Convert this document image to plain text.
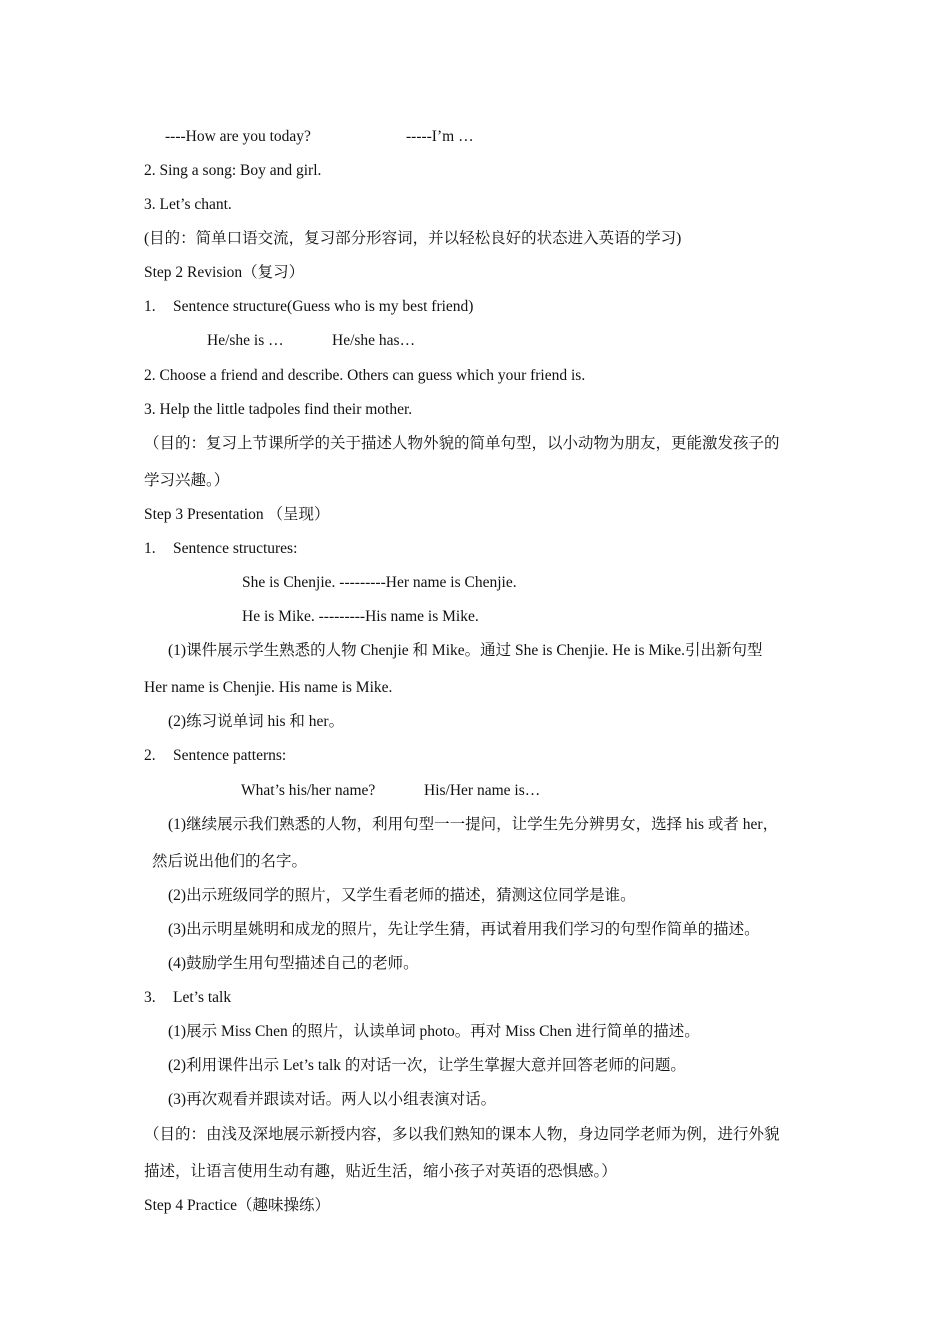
----How are you today?	-----I’m …
2. Sing a song: Boy and girl.
3. Let’s chant.
(目的：简单口语交流，复习部分形容词，并以轻松良好的状态进入英语的学习)
Step 2 Revision（复习）
1. Sentence structure(Guess who is my best friend)
He/she is …	He/she has…
2. Choose a friend and describe. Others can guess which your friend is.
3. Help the little tadpoles find their mother.
（目的：复习上节课所学的关于描述人物外貌的简单句型，以小动物为朋友，更能激发孩子的
学习兴趣。）
Step 3 Presentation （呈现）
1. Sentence structures:
She is Chenjie. ---------Her name is Chenjie.
He is Mike. ---------His name is Mike.
(1)课件展示学生熟悉的人物 Chenjie 和 Mike。通过 She is Chenjie. He is Mike.引出新句型
Her name is Chenjie. His name is Mike.
(2)练习说单词 his 和 her。
2. Sentence patterns:
What’s his/her name?	His/Her name is…
(1)继续展示我们熟悉的人物，利用句型一一提问，让学生先分辨男女，选择 his 或者 her，
然后说出他们的名字。
(2)出示班级同学的照片，又学生看老师的描述，猜测这位同学是谁。
(3)出示明星姚明和成龙的照片，先让学生猜，再试着用我们学习的句型作简单的描述。
(4)鼓励学生用句型描述自己的老师。
3. Let’s talk
(1)展示 Miss Chen 的照片，认读单词 photo。再对 Miss Chen 进行简单的描述。
(2)利用课件出示 Let’s talk 的对话一次，让学生掌握大意并回答老师的问题。
(3)再次观看并跟读对话。两人以小组表演对话。
（目的：由浅及深地展示新授内容，多以我们熟知的课本人物，身边同学老师为例，进行外貌
描述，让语言使用生动有趣，贴近生活，缩小孩子对英语的恐惧感。）
Step 4 Practice（趣味操练）
